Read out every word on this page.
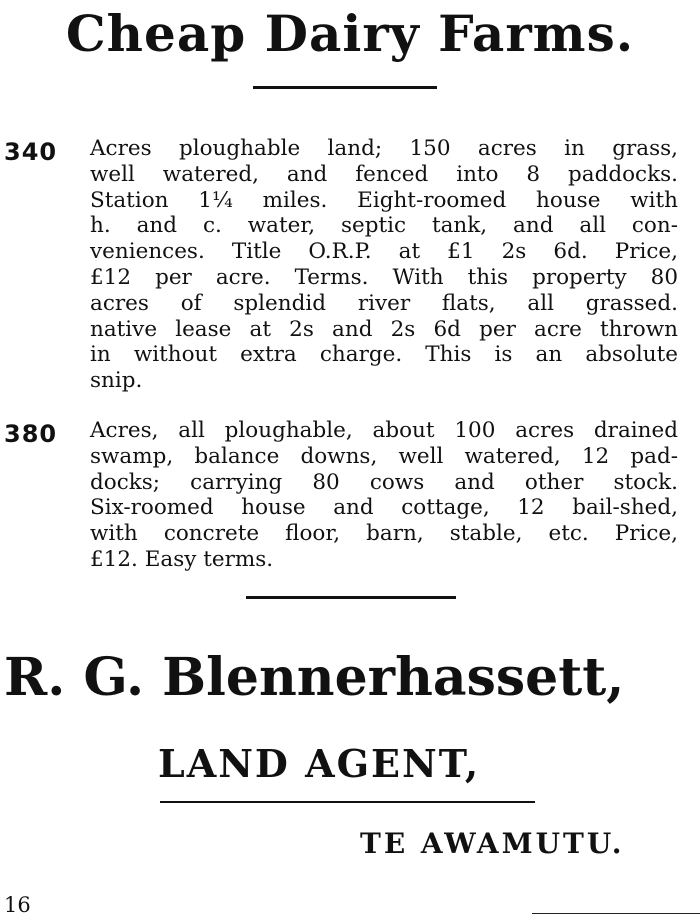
Cheap Dairy Farms.
340 Acres ploughable land; 150 acres in grass,
well watered, and fenced into 8 paddocks.
Station 1¼ miles. Eight-roomed house with
h. and c. water, septic tank, and all con-
veniences. Title O.R.P. at £1 2s 6d. Price,
£12 per acre. Terms. With this property 80
acres of splendid river flats, all grassed.
native lease at 2s and 2s 6d per acre thrown
in without extra charge. This is an absolute
snip.
380 Acres, all ploughable, about 100 acres drained
swamp, balance downs, well watered, 12 pad-
docks; carrying 80 cows and other stock.
Six-roomed house and cottage, 12 bail-shed,
with concrete floor, barn, stable, etc. Price,
£12. Easy terms.
R. G. Blennerhassett,
LAND AGENT,
TE AWAMUTU.
16
